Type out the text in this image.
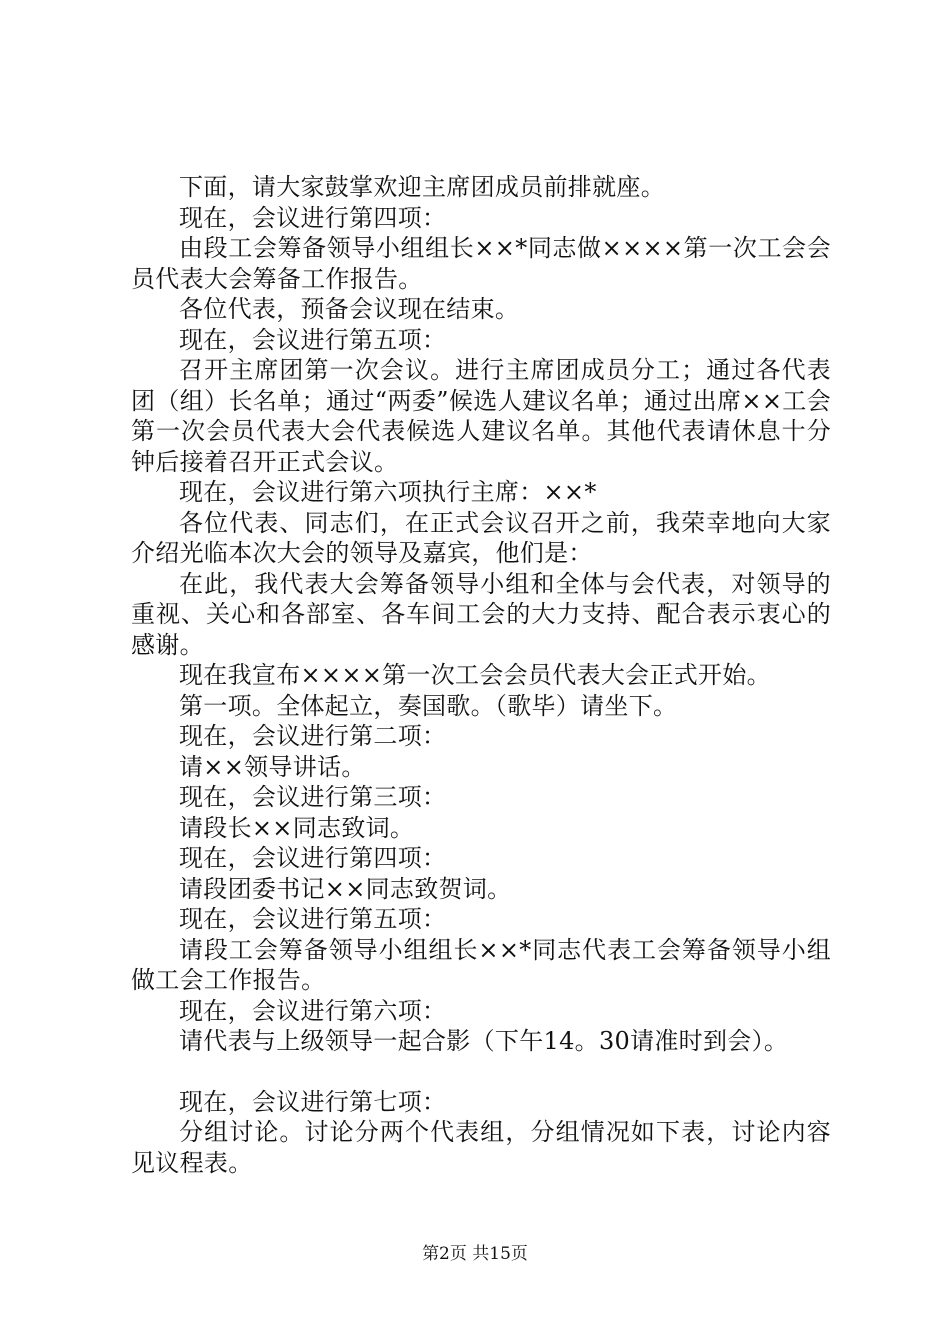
下面，请大家鼓掌欢迎主席团成员前排就座。

现在，会议进行第四项：

由段工会筹备领导小组组长××*同志做××××第一次工会会员代表大会筹备工作报告。

各位代表，预备会议现在结束。

现在，会议进行第五项：

召开主席团第一次会议。进行主席团成员分工；通过各代表团（组）长名单；通过“两委”候选人建议名单；通过出席××工会第一次会员代表大会代表候选人建议名单。其他代表请休息十分钟后接着召开正式会议。

现在，会议进行第六项执行主席：××*

各位代表、同志们，在正式会议召开之前，我荣幸地向大家介绍光临本次大会的领导及嘉宾，他们是：

在此，我代表大会筹备领导小组和全体与会代表，对领导的重视、关心和各部室、各车间工会的大力支持、配合表示衷心的感谢。

现在我宣布××××第一次工会会员代表大会正式开始。

第一项。全体起立，奏国歌。（歌毕）请坐下。

现在，会议进行第二项：

请××领导讲话。

现在，会议进行第三项：

请段长××同志致词。

现在，会议进行第四项：

请段团委书记××同志致贺词。

现在，会议进行第五项：

请段工会筹备领导小组组长××*同志代表工会筹备领导小组做工会工作报告。

现在，会议进行第六项：

请代表与上级领导一起合影（下午14。30请准时到会）。

现在，会议进行第七项：

分组讨论。讨论分两个代表组，分组情况如下表，讨论内容见议程表。

第2页 共15页
